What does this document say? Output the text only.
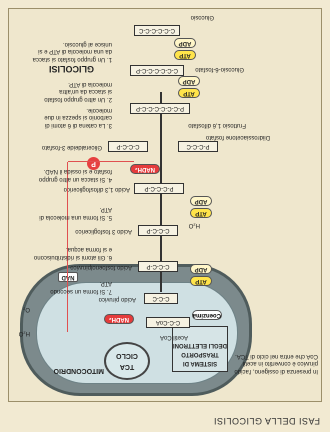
FASI DELLA GLICOLISI
MITOCONDRIO
TCA
CICLO
SISTEMA DI
TRASPORTO
DEGLI ELETTRONI
C-C-CoA
Acetil CoA
Coenzima
NADH₂
O₂
H₂O
C-C-C
Acido piruvico
NAD
C-C-C-P
ATP
ADP
Acido fosfoenolpiruvico
C-C-C-P
H₂O
Acido 3 fosfoglicerico
ATP
ADP
P-C-C-C-P
Acido 1,3 difosfoglicerico
NADH₂
P
C-C-C-P
Gliceraldeide 3-fosfato	P-C-C-C
Diidrossiacetone fosfato
P-C-C-C-C-C-C-P
Fruttosio 1,6 difosfato
ATP
ADP
C-C-C-C-C-C-P	Glucosio-6-fosfato
ATP
ADP
C-C-C-C-C-C
Glucosio
GLICOLISI
1. Un gruppo fosfato si stacca
da una molecola di ATP e si
unisce al glucosio.
2. Un altro gruppo fosfato
si stacca da un'altra
molecola di ATP.
3. La catena di 6 atomi di
carbonio si spezza in due
molecole.
4. Si stacca un altro gruppo
fosfato e si ossida il NAD.
5. Si forma una molecola di
ATP.
6. Gli atomi si ridistribuiscono
e si forma acqua.
7. Si forma un secondo
ATP.
In presenza di ossigeno, l'acido
piruvico è convertito in acetil
CoA che entra nel ciclo di TCA.
